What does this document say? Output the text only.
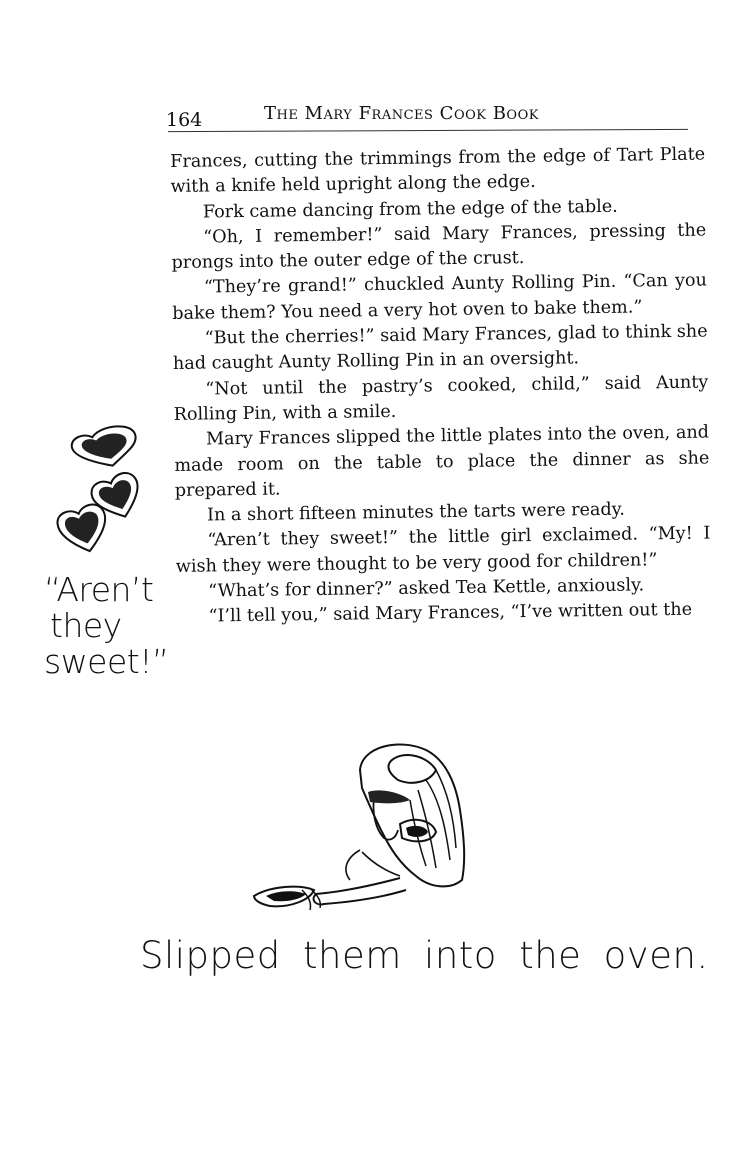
164	The Mary Frances Cook Book

Frances, cutting the trimmings from the edge of Tart Plate with a knife held upright along the edge.

Fork came dancing from the edge of the table.

“Oh, I remember!” said Mary Frances, pressing the prongs into the outer edge of the crust.

“They’re grand!” chuckled Aunty Rolling Pin. “Can you bake them? You need a very hot oven to bake them.”

“But the cherries!” said Mary Frances, glad to think she had caught Aunty Rolling Pin in an oversight.

“Not until the pastry’s cooked, child,” said Aunty Rolling Pin, with a smile.

Mary Frances slipped the little plates into the oven, and made room on the table to place the dinner as she prepared it.

In a short fifteen minutes the tarts were ready.

“Aren’t they sweet!” the little girl exclaimed. “My! I wish they were thought to be very good for children!”

“What’s for dinner?” asked Tea Kettle, anxiously.

“I’ll tell you,” said Mary Frances, “I’ve written out the

“Aren’t
they
sweet!”
Slipped them into the oven.
